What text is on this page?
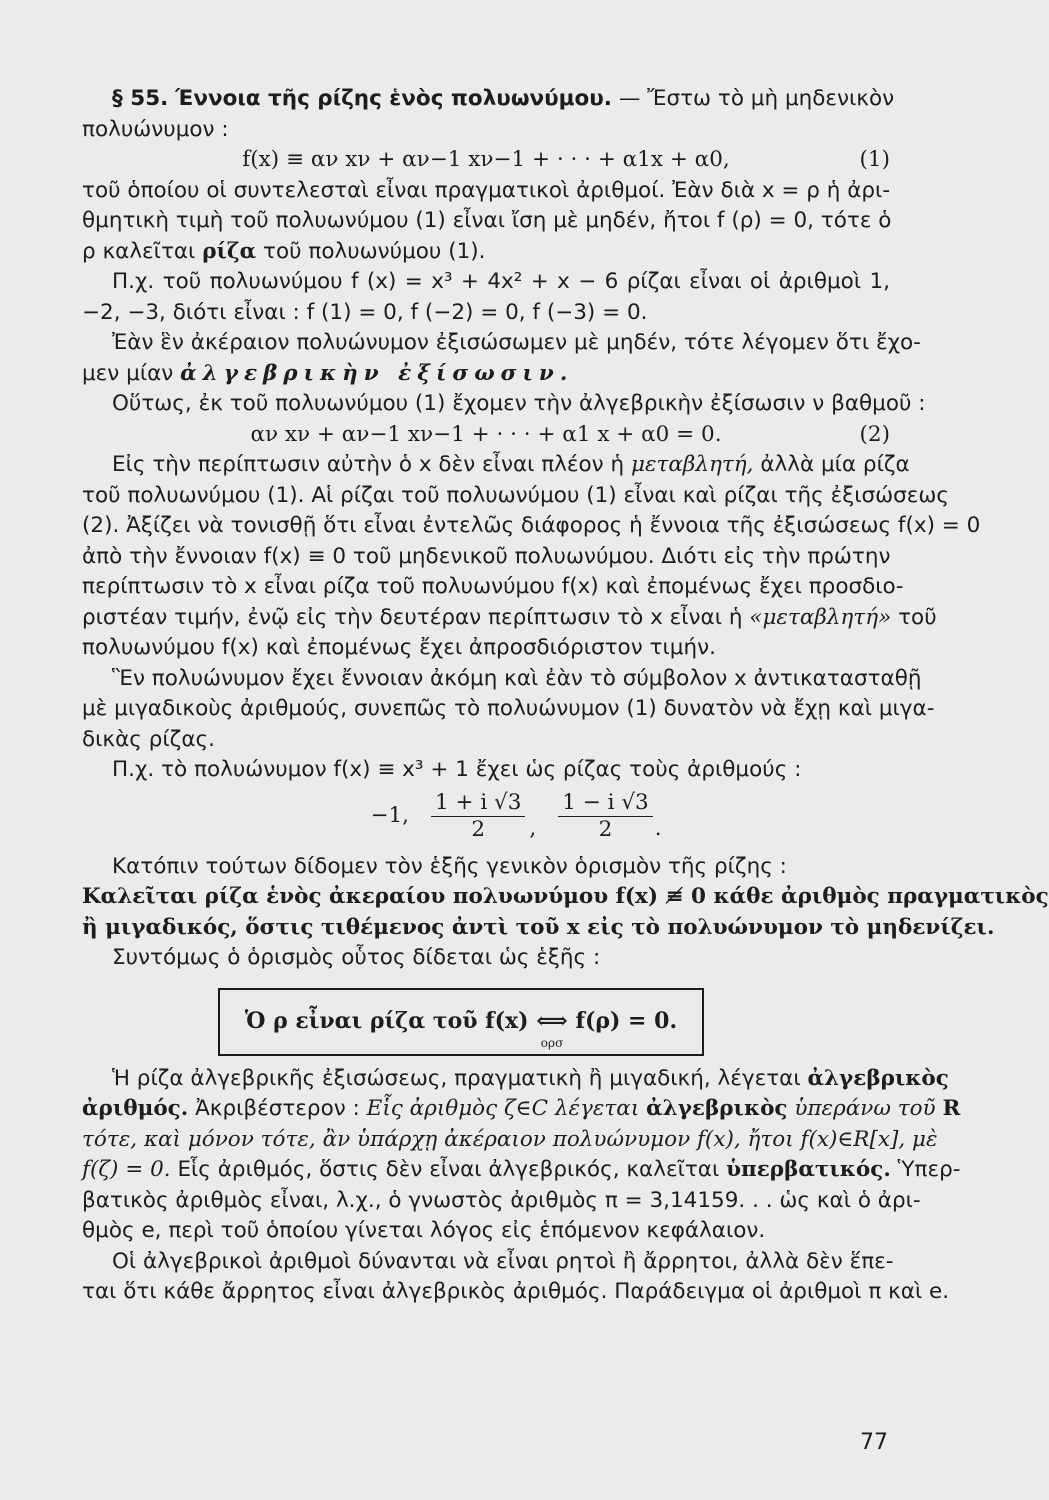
§ 55. Έννοια τῆς ρίζης ἑνὸς πολυωνύμου. — Ἔστω τὸ μὴ μηδενικὸν
πολυώνυμον :
f(x) ≡ αν xν + αν−1 xν−1 + · · · + α1x + α0,	(1)
τοῦ ὁποίου οἱ συντελεσταὶ εἶναι πραγματικοὶ ἀριθμοί. Ἐὰν διὰ x = ρ ἡ ἀρι-
θμητικὴ τιμὴ τοῦ πολυωνύμου (1) εἶναι ἴση μὲ μηδέν, ἤτοι f (ρ) = 0, τότε ὁ
ρ καλεῖται ρίζα τοῦ πολυωνύμου (1).
Π.χ. τοῦ πολυωνύμου f (x) = x³ + 4x² + x − 6 ρίζαι εἶναι οἱ ἀριθμοὶ 1,
−2, −3, διότι εἶναι : f (1) = 0, f (−2) = 0, f (−3) = 0.
Ἐὰν ἓν ἀκέραιον πολυώνυμον ἐξισώσωμεν μὲ μηδέν, τότε λέγομεν ὅτι ἔχο-
μεν μίαν ἀλγεβρικὴν ἐξίσωσιν.
Οὕτως, ἐκ τοῦ πολυωνύμου (1) ἔχομεν τὴν ἀλγεβρικὴν ἐξίσωσιν ν βαθμοῦ :
αν xν + αν−1 xν−1 + · · · + α1 x + α0 = 0.	(2)
Εἰς τὴν περίπτωσιν αὐτὴν ὁ x δὲν εἶναι πλέον ἡ μεταβλητή, ἀλλὰ μία ρίζα
τοῦ πολυωνύμου (1). Αἱ ρίζαι τοῦ πολυωνύμου (1) εἶναι καὶ ρίζαι τῆς ἐξισώσεως
(2). Ἀξίζει νὰ τονισθῇ ὅτι εἶναι ἐντελῶς διάφορος ἡ ἔννοια τῆς ἐξισώσεως f(x) = 0
ἀπὸ τὴν ἔννοιαν f(x) ≡ 0 τοῦ μηδενικοῦ πολυωνύμου. Διότι εἰς τὴν πρώτην
περίπτωσιν τὸ x εἶναι ρίζα τοῦ πολυωνύμου f(x) καὶ ἐπομένως ἔχει προσδιο-
ριστέαν τιμήν, ἐνῷ εἰς τὴν δευτέραν περίπτωσιν τὸ x εἶναι ἡ «μεταβλητή» τοῦ
πολυωνύμου f(x) καὶ ἐπομένως ἔχει ἀπροσδιόριστον τιμήν.
Ἓν πολυώνυμον ἔχει ἔννοιαν ἀκόμη καὶ ἐὰν τὸ σύμβολον x ἀντικατασταθῇ
μὲ μιγαδικοὺς ἀριθμούς, συνεπῶς τὸ πολυώνυμον (1) δυνατὸν νὰ ἔχῃ καὶ μιγα-
δικὰς ρίζας.
Π.χ. τὸ πολυώνυμον f(x) ≡ x³ + 1 ἔχει ὡς ρίζας τοὺς ἀριθμούς :
−1, $\frac{1 + i √3}{2}$ , $\frac{1 - i √3}{2}$ .
Κατόπιν τούτων δίδομεν τὸν ἑξῆς γενικὸν ὁρισμὸν τῆς ρίζης :
Καλεῖται ρίζα ἑνὸς ἀκεραίου πολυωνύμου f(x) ≢ 0 κάθε ἀριθμὸς πραγματικὸς
ἢ μιγαδικός, ὅστις τιθέμενος ἀντὶ τοῦ x εἰς τὸ πολυώνυμον τὸ μηδενίζει.
Συντόμως ὁ ὁρισμὸς οὗτος δίδεται ὡς ἑξῆς :
Ὁ ρ εἶναι ρίζα τοῦ f(x)
⟺
ορσ

f(ρ) = 0.
Ἡ ρίζα ἀλγεβρικῆς ἐξισώσεως, πραγματικὴ ἢ μιγαδική, λέγεται ἀλγεβρικὸς
ἀριθμός. Ἀκριβέστερον : Εἷς ἀριθμὸς ζ∈C λέγεται ἀλγεβρικὸς ὑπεράνω τοῦ R
τότε, καὶ μόνον τότε, ἂν ὑπάρχῃ ἀκέραιον πολυώνυμον f(x), ἤτοι f(x)∈R[x], μὲ
f(ζ) = 0. Εἷς ἀριθμός, ὅστις δὲν εἶναι ἀλγεβρικός, καλεῖται ὑπερβατικός. Ὑπερ-
βατικὸς ἀριθμὸς εἶναι, λ.χ., ὁ γνωστὸς ἀριθμὸς π = 3,14159. . . ὡς καὶ ὁ ἀρι-
θμὸς e, περὶ τοῦ ὁποίου γίνεται λόγος εἰς ἑπόμενον κεφάλαιον.
Οἱ ἀλγεβρικοὶ ἀριθμοὶ δύνανται νὰ εἶναι ρητοὶ ἢ ἄρρητοι, ἀλλὰ δὲν ἕπε-
ται ὅτι κάθε ἄρρητος εἶναι ἀλγεβρικὸς ἀριθμός. Παράδειγμα οἱ ἀριθμοὶ π καὶ e.
77
